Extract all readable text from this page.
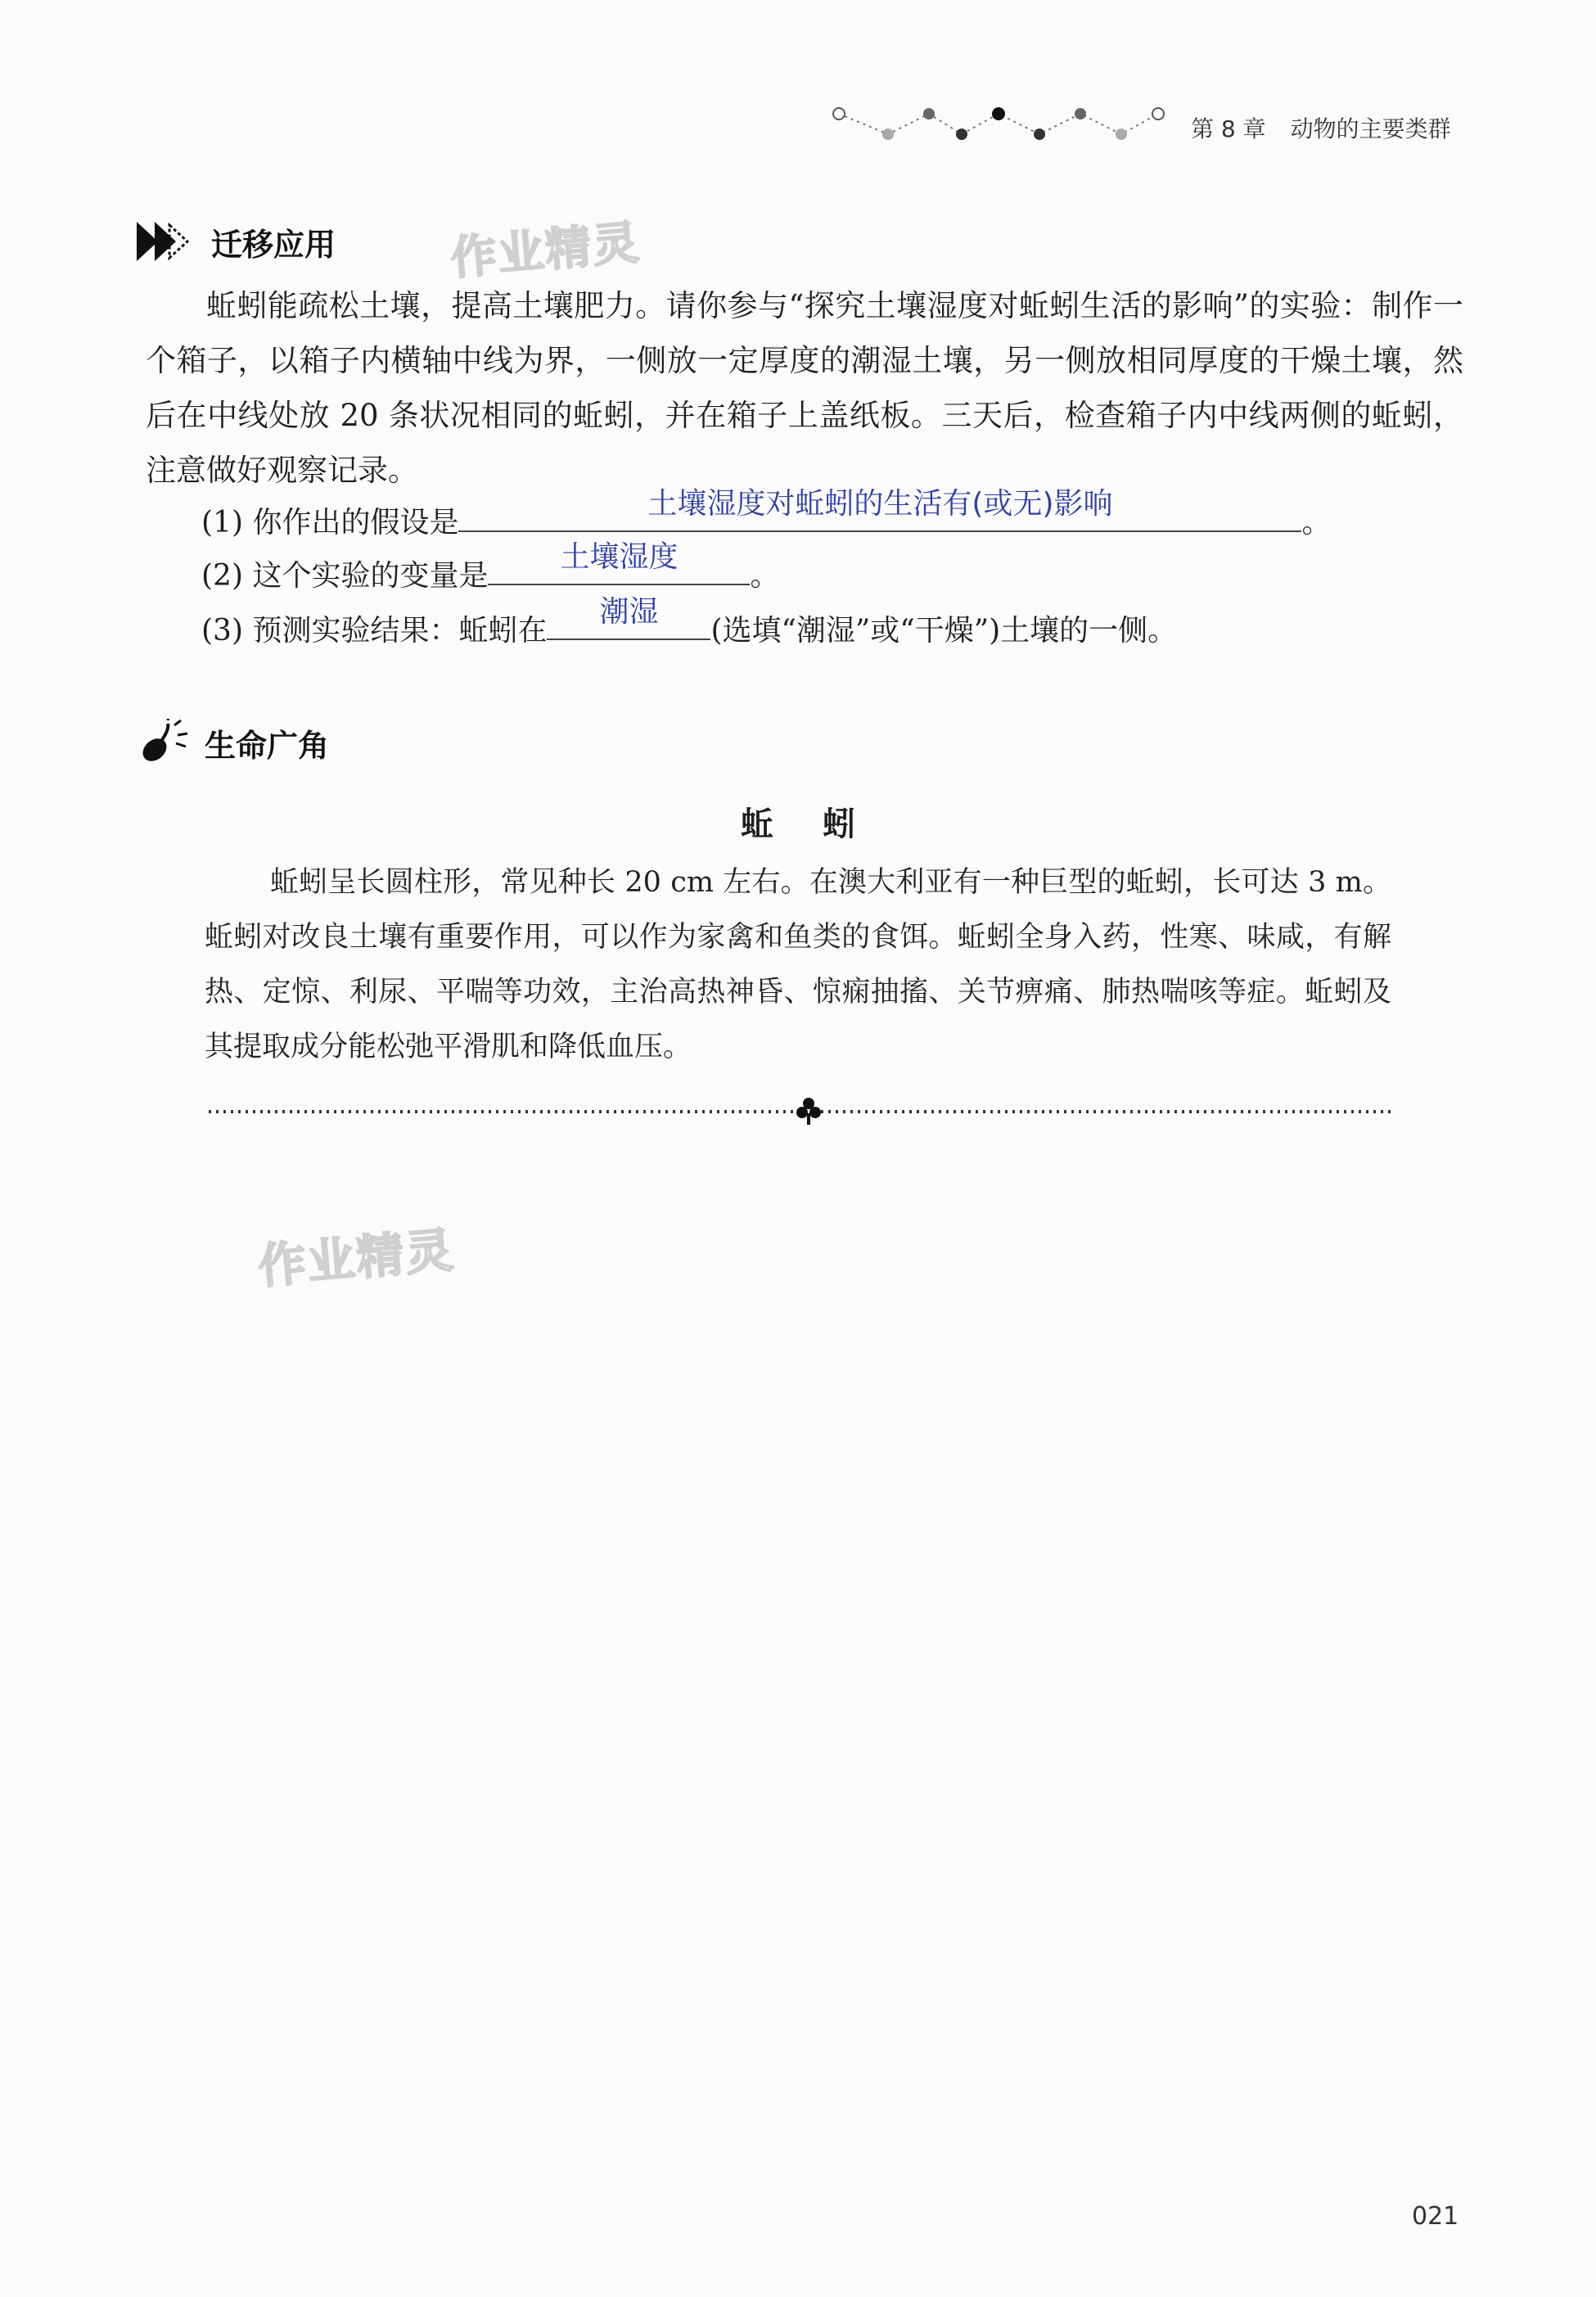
第 8 章 动物的主要类群
迁移应用 作业精灵
蚯蚓能疏松土壤，提高土壤肥力。请你参与“探究土壤湿度对蚯蚓生活的影响”的实验：制作一个箱子，以箱子内横轴中线为界，一侧放一定厚度的潮湿土壤，另一侧放相同厚度的干燥土壤，然后在中线处放 20 条状况相同的蚯蚓，并在箱子上盖纸板。三天后，检查箱子内中线两侧的蚯蚓，注意做好观察记录。
(1) 你作出的假设是
土壤湿度对蚯蚓的生活有(或无)影响
。
(2) 这个实验的变量是
土壤湿度
。
(3) 预测实验结果：蚯蚓在
潮湿
(选填“潮湿”或“干燥”)土壤的一侧。
生命广角
蚯蚓
蚯蚓呈长圆柱形，常见种长 20 cm 左右。在澳大利亚有一种巨型的蚯蚓，长可达 3 m。蚯蚓对改良土壤有重要作用，可以作为家禽和鱼类的食饵。蚯蚓全身入药，性寒、味咸，有解热、定惊、利尿、平喘等功效，主治高热神昏、惊痫抽搐、关节痹痛、肺热喘咳等症。蚯蚓及其提取成分能松弛平滑肌和降低血压。
作业精灵
021
